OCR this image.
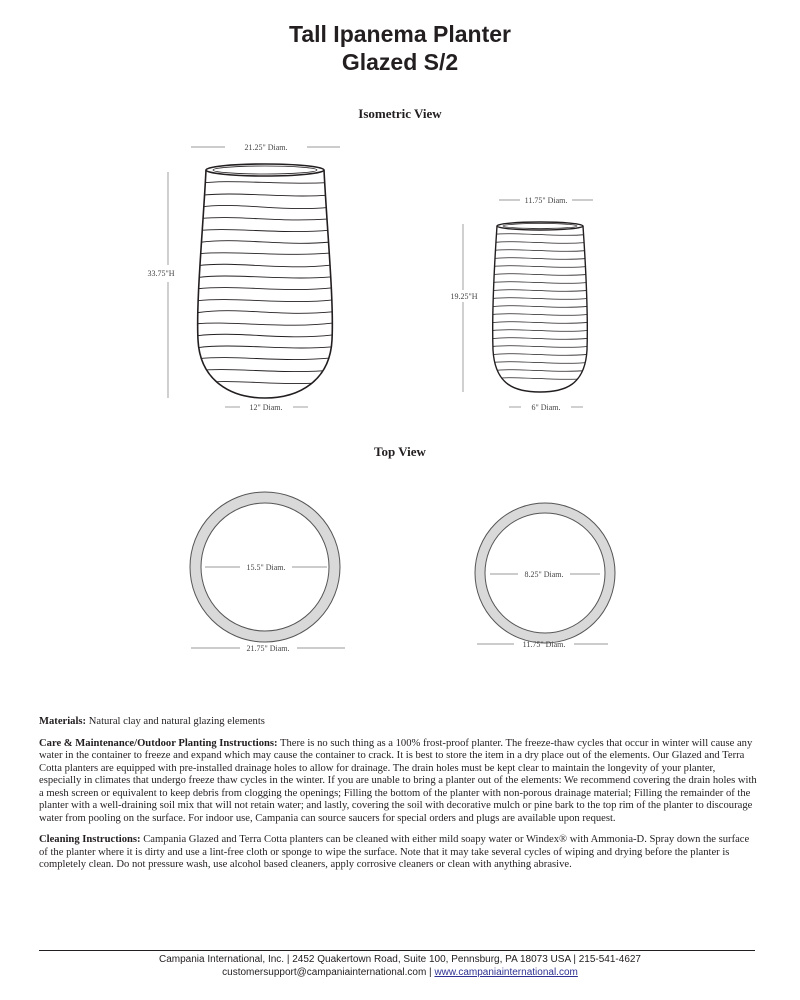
Tall Ipanema Planter
Glazed S/2
Isometric View
Top View
21.25" Diam.
33.75"H
12" Diam.
11.75" Diam.
19.25"H
6" Diam.
15.5" Diam.
21.75" Diam.
8.25" Diam.
11.75" Diam.

Materials: Natural clay and natural glazing elements

Care & Maintenance/Outdoor Planting Instructions: There is no such thing as a 100% frost-proof planter. The freeze-thaw cycles that occur in winter will cause any water in the container to freeze and expand which may cause the container to crack. It is best to store the item in a dry place out of the elements. Our Glazed and Terra Cotta planters are equipped with pre-installed drainage holes to allow for drainage. The drain holes must be kept clear to maintain the longevity of your planter, especially in climates that undergo freeze thaw cycles in the winter. If you are unable to bring a planter out of the elements: We recommend covering the drain holes with a mesh screen or equivalent to keep debris from clogging the openings; Filling the bottom of the planter with non-porous drainage material; Filling the remainder of the planter with a well-draining soil mix that will not retain water; and lastly, covering the soil with decorative mulch or pine bark to the top rim of the planter to discourage water from pooling on the surface. For indoor use, Campania can source saucers for special orders and plugs are available upon request.

Cleaning Instructions: Campania Glazed and Terra Cotta planters can be cleaned with either mild soapy water or Windex® with Ammonia-D. Spray down the surface of the planter where it is dirty and use a lint-free cloth or sponge to wipe the surface. Note that it may take several cycles of wiping and drying before the planter is completely clean. Do not pressure wash, use alcohol based cleaners, apply corrosive cleaners or clean with anything abrasive.

Campania International, Inc. | 2452 Quakertown Road, Suite 100, Pennsburg, PA 18073 USA | 215-541-4627
customersupport@campaniainternational.com | www.campaniainternational.com
